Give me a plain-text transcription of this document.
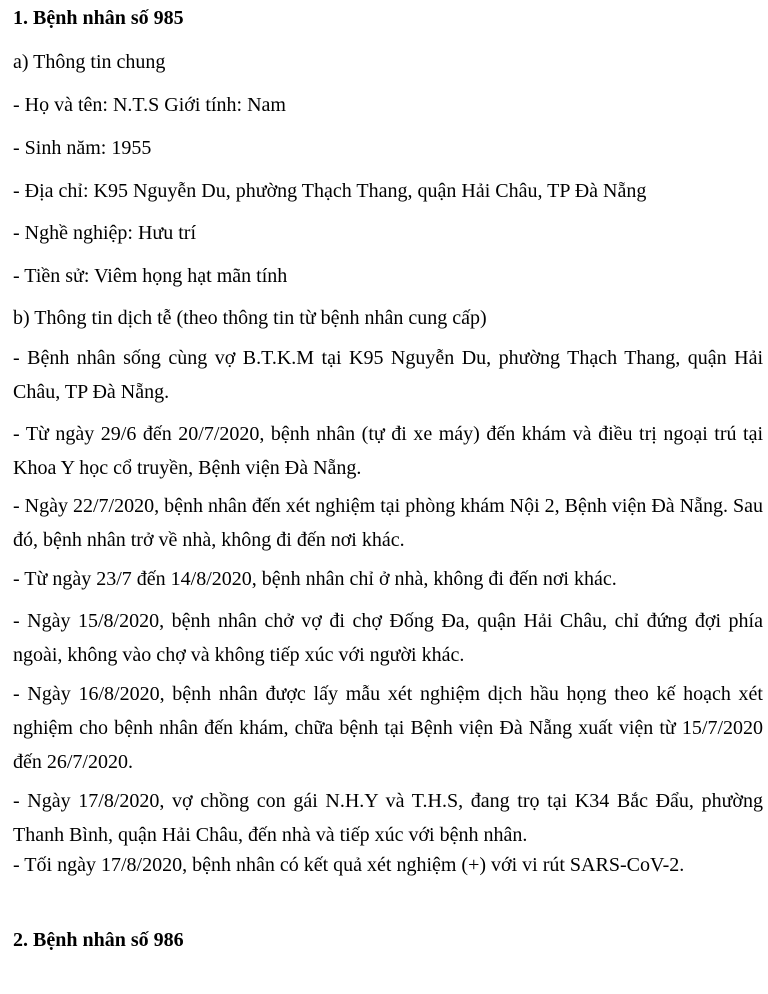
1. Bệnh nhân số 985
a) Thông tin chung
- Họ và tên: N.T.S Giới tính: Nam
- Sinh năm: 1955
- Địa chỉ: K95 Nguyễn Du, phường Thạch Thang, quận Hải Châu, TP Đà Nẵng
- Nghề nghiệp: Hưu trí
- Tiền sử: Viêm họng hạt mãn tính
b) Thông tin dịch tễ (theo thông tin từ bệnh nhân cung cấp)
- Bệnh nhân sống cùng vợ B.T.K.M tại K95 Nguyễn Du, phường Thạch Thang, quận Hải Châu, TP Đà Nẵng.
- Từ ngày 29/6 đến 20/7/2020, bệnh nhân (tự đi xe máy) đến khám và điều trị ngoại trú tại Khoa Y học cổ truyền, Bệnh viện Đà Nẵng.
- Ngày 22/7/2020, bệnh nhân đến xét nghiệm tại phòng khám Nội 2, Bệnh viện Đà Nẵng. Sau đó, bệnh nhân trở về nhà, không đi đến nơi khác.
- Từ ngày 23/7 đến 14/8/2020, bệnh nhân chỉ ở nhà, không đi đến nơi khác.
- Ngày 15/8/2020, bệnh nhân chở vợ đi chợ Đống Đa, quận Hải Châu, chỉ đứng đợi phía ngoài, không vào chợ và không tiếp xúc với người khác.
- Ngày 16/8/2020, bệnh nhân được lấy mẫu xét nghiệm dịch hầu họng theo kế hoạch xét nghiệm cho bệnh nhân đến khám, chữa bệnh tại Bệnh viện Đà Nẵng xuất viện từ 15/7/2020 đến 26/7/2020.
- Ngày 17/8/2020, vợ chồng con gái N.H.Y và T.H.S, đang trọ tại K34 Bắc Đẩu, phường Thanh Bình, quận Hải Châu, đến nhà và tiếp xúc với bệnh nhân.
- Tối ngày 17/8/2020, bệnh nhân có kết quả xét nghiệm (+) với vi rút SARS-CoV-2.
2. Bệnh nhân số 986
